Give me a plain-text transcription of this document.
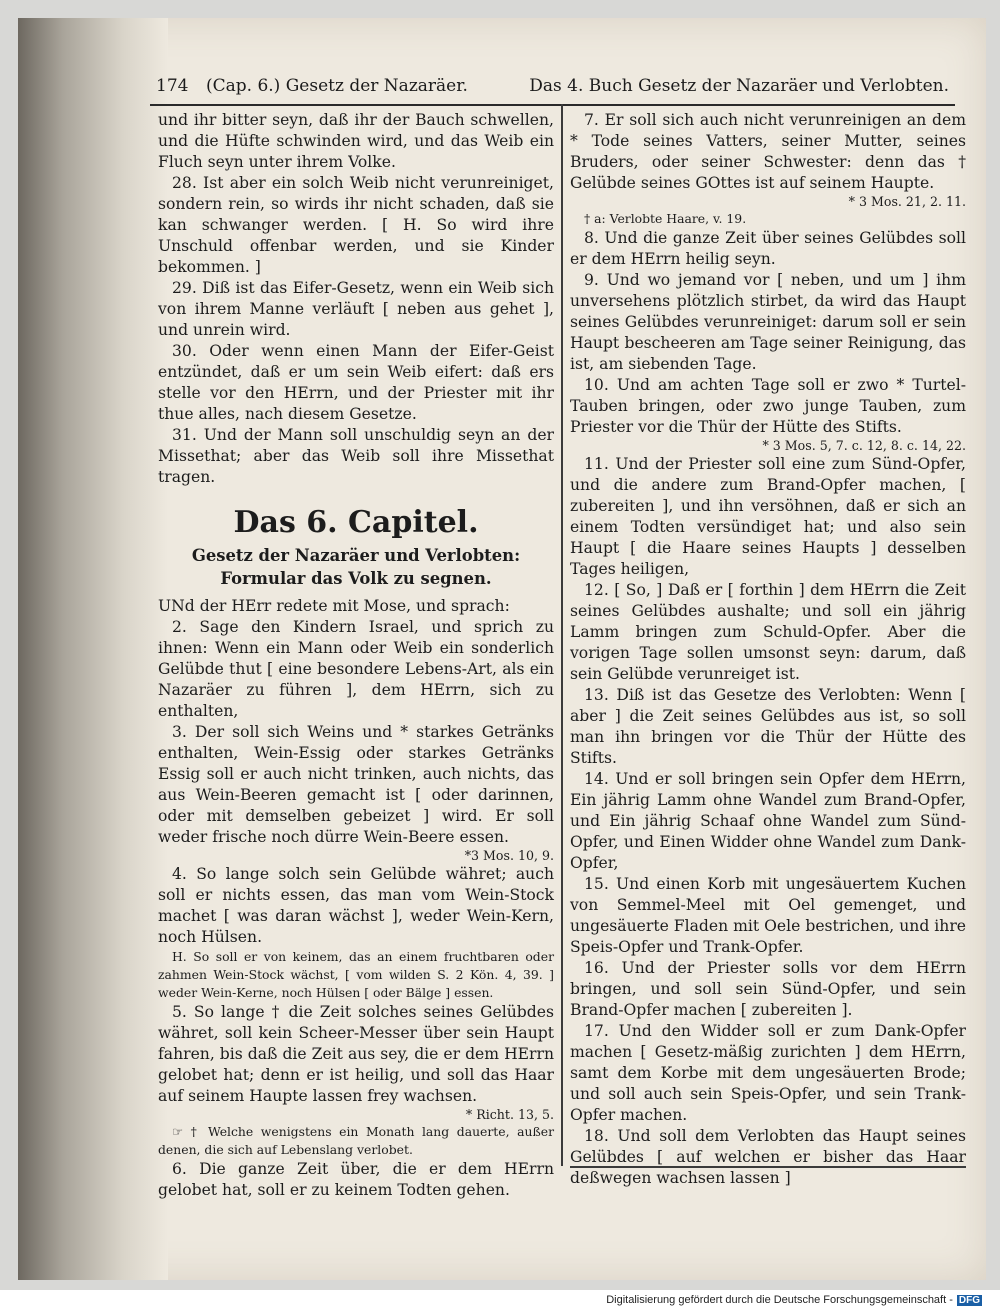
174 (Cap. 6.) Gesetz der Nazaräer.	Das 4. Buch Gesetz der Nazaräer und Verlobten.

und ihr bitter seyn, daß ihr der Bauch schwellen, und die Hüfte schwinden wird, und das Weib ein Fluch seyn unter ihrem Volke.

28. Ist aber ein solch Weib nicht verunreiniget, sondern rein, so wirds ihr nicht schaden, daß sie kan schwanger werden. [ H. So wird ihre Unschuld offenbar werden, und sie Kinder bekommen. ]

29. Diß ist das Eifer-Gesetz, wenn ein Weib sich von ihrem Manne verläuft [ neben aus gehet ], und unrein wird.

30. Oder wenn einen Mann der Eifer-Geist entzündet, daß er um sein Weib eifert: daß ers stelle vor den HErrn, und der Priester mit ihr thue alles, nach diesem Gesetze.

31. Und der Mann soll unschuldig seyn an der Missethat; aber das Weib soll ihre Missethat tragen.

Das 6. Capitel.
Gesetz der Nazaräer und Verlobten: Formular das Volk zu segnen.

UNd der HErr redete mit Mose, und sprach:

2. Sage den Kindern Israel, und sprich zu ihnen: Wenn ein Mann oder Weib ein sonderlich Gelübde thut [ eine besondere Lebens-Art, als ein Nazaräer zu führen ], dem HErrn, sich zu enthalten,

3. Der soll sich Weins und * starkes Getränks enthalten, Wein-Essig oder starkes Getränks Essig soll er auch nicht trinken, auch nichts, das aus Wein-Beeren gemacht ist [ oder darinnen, oder mit demselben gebeizet ] wird. Er soll weder frische noch dürre Wein-Beere essen.

*3 Mos. 10, 9.

4. So lange solch sein Gelübde währet; auch soll er nichts essen, das man vom Wein-Stock machet [ was daran wächst ], weder Wein-Kern, noch Hülsen.

H. So soll er von keinem, das an einem fruchtbaren oder zahmen Wein-Stock wächst, [ vom wilden S. 2 Kön. 4, 39. ] weder Wein-Kerne, noch Hülsen [ oder Bälge ] essen.

5. So lange † die Zeit solches seines Gelübdes währet, soll kein Scheer-Messer über sein Haupt fahren, bis daß die Zeit aus sey, die er dem HErrn gelobet hat; denn er ist heilig, und soll das Haar auf seinem Haupte lassen frey wachsen.

* Richt. 13, 5.

☞ † Welche wenigstens ein Monath lang dauerte, außer denen, die sich auf Lebenslang verlobet.

6. Die ganze Zeit über, die er dem HErrn gelobet hat, soll er zu keinem Todten gehen.

7. Er soll sich auch nicht verunreinigen an dem * Tode seines Vatters, seiner Mutter, seines Bruders, oder seiner Schwester: denn das † Gelübde seines GOttes ist auf seinem Haupte.

* 3 Mos. 21, 2. 11.

† a: Verlobte Haare, v. 19.

8. Und die ganze Zeit über seines Gelübdes soll er dem HErrn heilig seyn.

9. Und wo jemand vor [ neben, und um ] ihm unversehens plötzlich stirbet, da wird das Haupt seines Gelübdes verunreiniget: darum soll er sein Haupt bescheeren am Tage seiner Reinigung, das ist, am siebenden Tage.

10. Und am achten Tage soll er zwo * Turtel-Tauben bringen, oder zwo junge Tauben, zum Priester vor die Thür der Hütte des Stifts.

* 3 Mos. 5, 7. c. 12, 8. c. 14, 22.

11. Und der Priester soll eine zum Sünd-Opfer, und die andere zum Brand-Opfer machen, [ zubereiten ], und ihn versöhnen, daß er sich an einem Todten versündiget hat; und also sein Haupt [ die Haare seines Haupts ] desselben Tages heiligen,

12. [ So, ] Daß er [ forthin ] dem HErrn die Zeit seines Gelübdes aushalte; und soll ein jährig Lamm bringen zum Schuld-Opfer. Aber die vorigen Tage sollen umsonst seyn: darum, daß sein Gelübde verunreiget ist.

13. Diß ist das Gesetze des Verlobten: Wenn [ aber ] die Zeit seines Gelübdes aus ist, so soll man ihn bringen vor die Thür der Hütte des Stifts.

14. Und er soll bringen sein Opfer dem HErrn, Ein jährig Lamm ohne Wandel zum Brand-Opfer, und Ein jährig Schaaf ohne Wandel zum Sünd-Opfer, und Einen Widder ohne Wandel zum Dank-Opfer,

15. Und einen Korb mit ungesäuertem Kuchen von Semmel-Meel mit Oel gemenget, und ungesäuerte Fladen mit Oele bestrichen, und ihre Speis-Opfer und Trank-Opfer.

16. Und der Priester solls vor dem HErrn bringen, und soll sein Sünd-Opfer, und sein Brand-Opfer machen [ zubereiten ].

17. Und den Widder soll er zum Dank-Opfer machen [ Gesetz-mäßig zurichten ] dem HErrn, samt dem Korbe mit dem ungesäuerten Brode; und soll auch sein Speis-Opfer, und sein Trank-Opfer machen.

18. Und soll dem Verlobten das Haupt seines Gelübdes [ auf welchen er bisher das Haar deßwegen wachsen lassen ]

Digitalisierung gefördert durch die Deutsche Forschungsgemeinschaft - DFG
